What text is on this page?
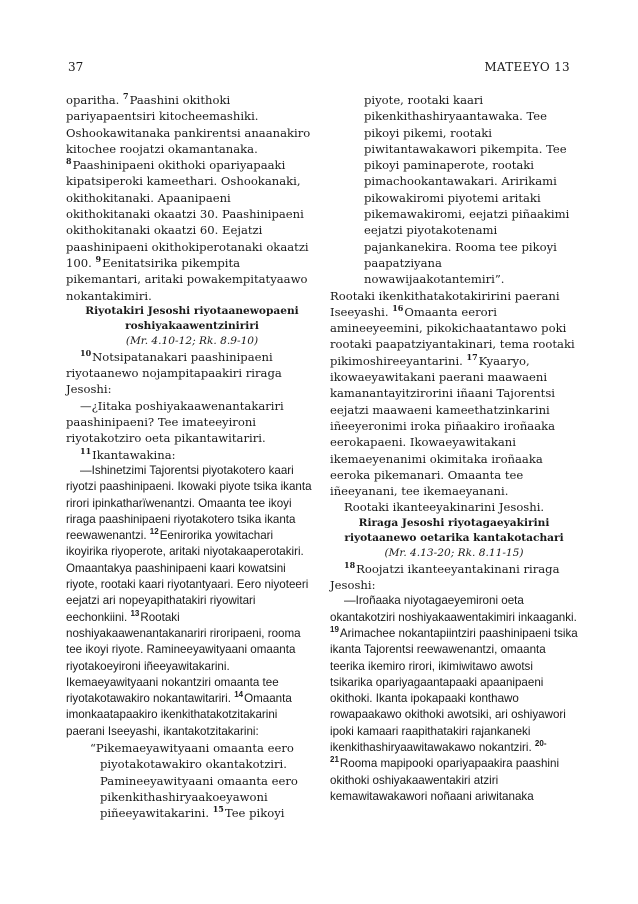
37	MATEEYO 13

oparitha. $^7$Paashini okithoki pariyapaentsiri kitocheemashiki. Oshookawitanaka pankirentsi anaanakiro kitochee roojatzi okamantanaka. $^8$Paashinipaeni okithoki opariyapaaki kipatsiperoki kameethari. Oshookanaki, okithokitanaki. Apaanipaeni okithokitanaki okaatzi 30. Paashinipaeni okithokitanaki okaatzi 60. Eejatzi paashinipaeni okithokiperotanaki okaatzi 100. $^9$Eenitatsirika pikempita pikemantari, aritaki powakempitatyaawo nokantakimiri.

Riyotakiri Jesoshi riyotaanewopaeni roshiyakaawentziniriri
(Mr. 4.10-12; Rk. 8.9-10)

$^{10}$Notsipatanakari paashinipaeni riyotaanewo nojampitapaakiri riraga Jesoshi:

—¿Iitaka poshiyakaawenantakariri paashinipaeni? Tee imateeyironi riyotakotziro oeta pikantawitariri.

$^{11}$Ikantawakina:

—Ishinetzimi Tajorentsi piyotakotero kaari riyotzi paashinipaeni. Ikowaki piyote tsika ikanta rirori ipinkatharïwenantzi. Omaanta tee ikoyi riraga paashinipaeni riyotakotero tsika ikanta reewawenantzi. $^{12}$Eenirorika yowitachari ikoyirika riyoperote, aritaki niyotakaaperotakiri. Omaantakya paashinipaeni kaari kowatsini riyote, rootaki kaari riyotantyaari. Eero niyoteeri eejatzi ari nopeyapithatakiri riyowitari eechonkiini. $^{13}$Rootaki noshiyakaawenantakanariri riroripaeni, rooma tee ikoyi riyote. Ramineeyawityaani omaanta riyotakoeyironi iñeeyawitakarini. Ikemaeyawityaani nokantziri omaanta tee riyotakotawakiro nokantawitariri. $^{14}$Omaanta imonkaatapaakiro ikenkithatakotzitakarini paerani Iseeyashi, ikantakotzitakarini:

“Pikemaeyawityaani omaanta eero piyotakotawakiro okantakotziri. Pamineeyawityaani omaanta eero pikenkithashiryaakoeyawoni piñeeyawitakarini. $^{15}$Tee pikoyi

piyote, rootaki kaari pikenkithashiryaantawaka. Tee pikoyi pikemi, rootaki piwitantawakawori pikempita. Tee pikoyi paminaperote, rootaki pimachookantawakari. Aririkami pikowakiromi piyotemi aritaki pikemawakiromi, eejatzi piñaakimi eejatzi piyotakotenami pajankanekira. Rooma tee pikoyi paapatziyana nowawijaakotantemiri”.

Rootaki ikenkithatakotakiririni paerani Iseeyashi. $^{16}$Omaanta eerori amineeyeemini, pikokichaatantawo poki rootaki paapatziyantakinari, tema rootaki pikimoshireeyantarini. $^{17}$Kyaaryo, ikowaeyawitakani paerani maawaeni kamanantayitzirorini iñaani Tajorentsi eejatzi maawaeni kameethatzinkarini iñeeyeronimi iroka piñaakiro iroñaaka eerokapaeni. Ikowaeyawitakani ikemaeyenanimi okimitaka iroñaaka eeroka pikemanari. Omaanta tee iñeeyanani, tee ikemaeyanani.

Rootaki ikanteeyakinarini Jesoshi.

Riraga Jesoshi riyotagaeyakirini riyotaanewo oetarika kantakotachari
(Mr. 4.13-20; Rk. 8.11-15)

$^{18}$Roojatzi ikanteeyantakinani riraga Jesoshi:

—Iroñaaka niyotagaeyemironi oeta okantakotziri noshiyakaawentakimiri inkaaganki. $^{19}$Arimachee nokantapiintziri paashinipaeni tsika ikanta Tajorentsi reewawenantzi, omaanta teerika ikemiro rirori, ikimiwitawo awotsi tsikarika opariyagaantapaaki apaanipaeni okithoki. Ikanta ipokapaaki konthawo rowapaakawo okithoki awotsiki, ari oshiyawori ipoki kamaari raapithatakiri rajankaneki ikenkithashiryaawitawakawo nokantziri. $^{20-21}$Rooma mapipooki opariyapaakira paashini okithoki oshiyakaawentakiri atziri kemawitawakawori noñaani ariwitanaka
